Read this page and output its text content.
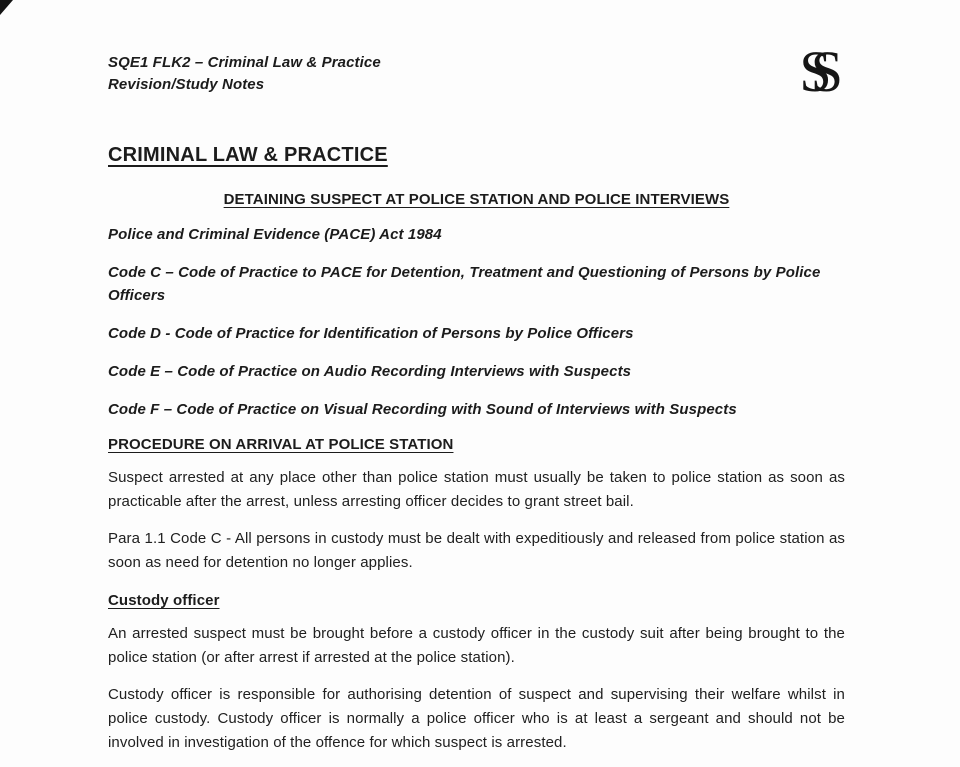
SQE1 FLK2 – Criminal Law & Practice
Revision/Study Notes	SS
CRIMINAL LAW & PRACTICE
DETAINING SUSPECT AT POLICE STATION AND POLICE INTERVIEWS

Police and Criminal Evidence (PACE) Act 1984

Code C – Code of Practice to PACE for Detention, Treatment and Questioning of Persons by Police Officers

Code D - Code of Practice for Identification of Persons by Police Officers

Code E – Code of Practice on Audio Recording Interviews with Suspects

Code F – Code of Practice on Visual Recording with Sound of Interviews with Suspects

PROCEDURE ON ARRIVAL AT POLICE STATION

Suspect arrested at any place other than police station must usually be taken to police station as soon as practicable after the arrest, unless arresting officer decides to grant street bail.

Para 1.1 Code C - All persons in custody must be dealt with expeditiously and released from police station as soon as need for detention no longer applies.

Custody officer

An arrested suspect must be brought before a custody officer in the custody suit after being brought to the police station (or after arrest if arrested at the police station).

Custody officer is responsible for authorising detention of suspect and supervising their welfare whilst in police custody. Custody officer is normally a police officer who is at least a sergeant and should not be involved in investigation of the offence for which suspect is arrested.
